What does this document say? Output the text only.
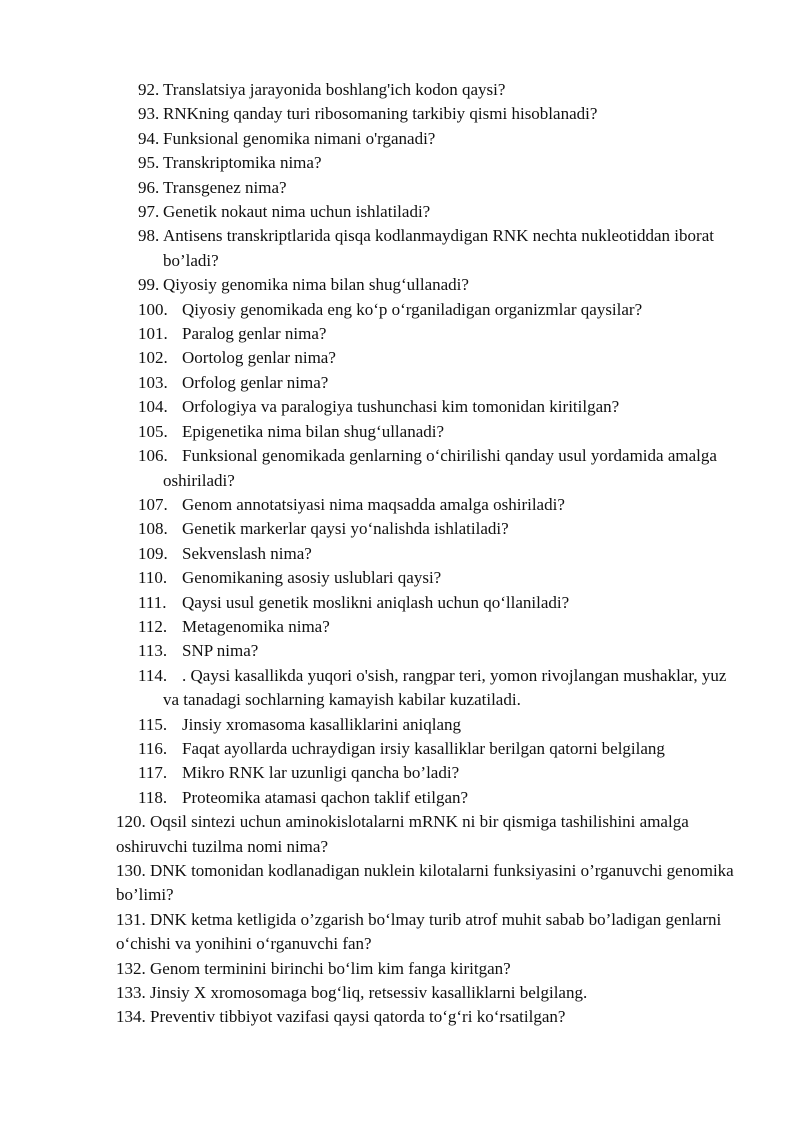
92. Translatsiya jarayonida boshlang'ich kodon qaysi?
93. RNKning qanday turi ribosomaning tarkibiy qismi hisoblanadi?
94. Funksional genomika nimani o'rganadi?
95. Transkriptomika nima?
96. Transgenez nima?
97. Genetik nokaut nima uchun ishlatiladi?
98. Antisens transkriptlarida qisqa kodlanmaydigan RNK nechta nukleotiddan iborat bo’ladi?
99. Qiyosiy genomika nima bilan shugʻullanadi?
100. Qiyosiy genomikada eng koʻp oʻrganiladigan organizmlar qaysilar?
101. Paralog genlar nima?
102. Oortolog genlar nima?
103. Orfolog genlar nima?
104. Orfologiya va paralogiya tushunchasi kim tomonidan kiritilgan?
105. Epigenetika nima bilan shugʻullanadi?
106. Funksional genomikada genlarning oʻchirilishi qanday usul yordamida amalga oshiriladi?
107. Genom annotatsiyasi nima maqsadda amalga oshiriladi?
108. Genetik markerlar qaysi yoʻnalishda ishlatiladi?
109. Sekvenslash nima?
110. Genomikaning asosiy uslublari qaysi?
111. Qaysi usul genetik moslikni aniqlash uchun qoʻllaniladi?
112. Metagenomika nima?
113. SNP nima?
114. . Qaysi kasallikda yuqori o'sish, rangpar teri, yomon rivojlangan mushaklar, yuz va tanadagi sochlarning kamayish kabilar kuzatiladi.
115. Jinsiy xromasoma kasalliklarini aniqlang
116. Faqat ayollarda uchraydigan irsiy kasalliklar berilgan qatorni belgilang
117. Mikro RNK lar uzunligi qancha bo’ladi?
118. Proteomika atamasi qachon taklif etilgan?
120. Oqsil sintezi uchun aminokislotalarni mRNK ni bir qismiga tashilishini amalga oshiruvchi tuzilma nomi nima?
130. DNK tomonidan kodlanadigan nuklein kilotalarni funksiyasini o’rganuvchi genomika bo’limi?
131. DNK ketma ketligida o’zgarish boʻlmay turib atrof muhit sabab bo’ladigan genlarni oʻchishi va yonihini oʻrganuvchi fan?
132. Genom terminini birinchi boʻlim kim fanga kiritgan?
133. Jinsiy X xromosomaga bogʻliq, retsessiv kasalliklarni belgilang.
134. Preventiv tibbiyot vazifasi qaysi qatorda toʻgʻri koʻrsatilgan?
